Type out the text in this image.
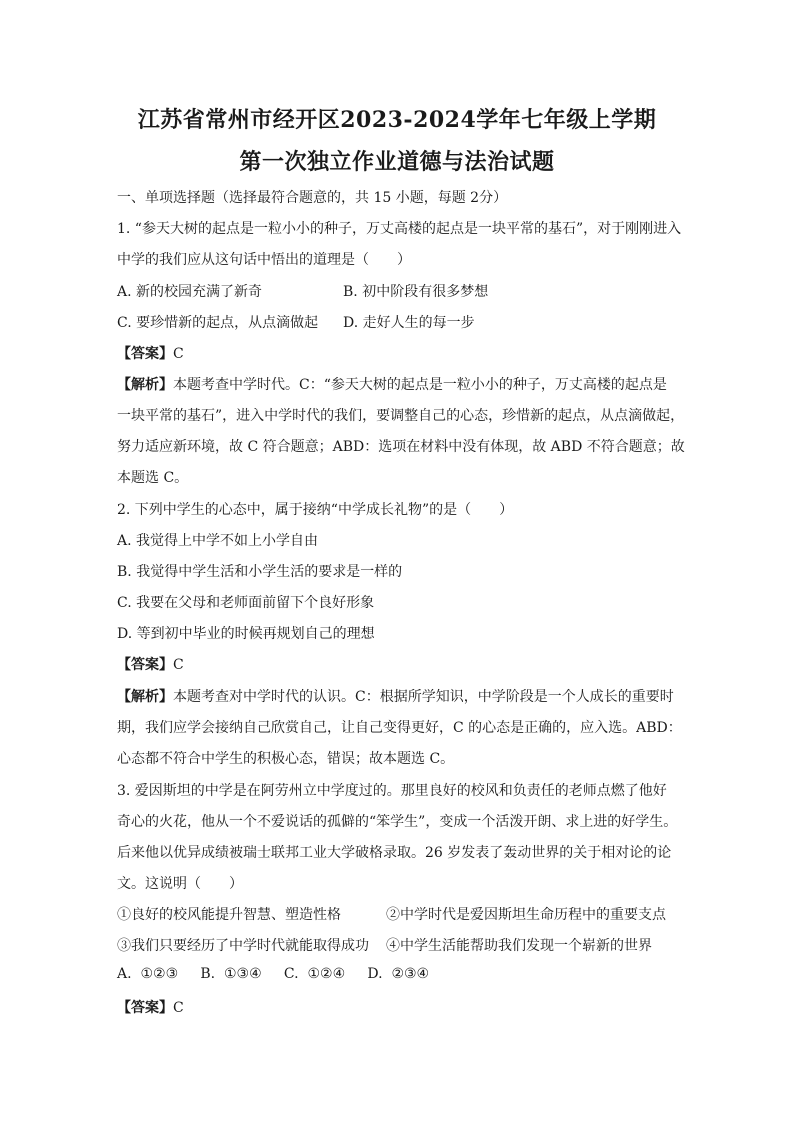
江苏省常州市经开区2023-2024学年七年级上学期
第一次独立作业道德与法治试题
一、单项选择题（选择最符合题意的，共 15 小题，每题 2分）
1. “参天大树的起点是一粒小小的种子，万丈高楼的起点是一块平常的基石”，对于刚刚进入
中学的我们应从这句话中悟出的道理是（　　）
A. 新的校园充满了新奇	B. 初中阶段有很多梦想
C. 要珍惜新的起点，从点滴做起 D. 走好人生的每一步
【答案】C
【解析】本题考查中学时代。C：“参天大树的起点是一粒小小的种子，万丈高楼的起点是
一块平常的基石”，进入中学时代的我们，要调整自己的心态，珍惜新的起点，从点滴做起，
努力适应新环境，故 C 符合题意；ABD：选项在材料中没有体现，故 ABD 不符合题意；故
本题选 C。
2. 下列中学生的心态中，属于接纳“中学成长礼物”的是（　　）
A. 我觉得上中学不如上小学自由
B. 我觉得中学生活和小学生活的要求是一样的
C. 我要在父母和老师面前留下个良好形象
D. 等到初中毕业的时候再规划自己的理想
【答案】C
【解析】本题考查对中学时代的认识。C：根据所学知识，中学阶段是一个人成长的重要时
期，我们应学会接纳自己欣赏自己，让自己变得更好，C 的心态是正确的，应入选。ABD：
心态都不符合中学生的积极心态，错误；故本题选 C。
3. 爱因斯坦的中学是在阿劳州立中学度过的。那里良好的校风和负责任的老师点燃了他好
奇心的火花，他从一个不爱说话的孤僻的“笨学生”，变成一个活泼开朗、求上进的好学生。
后来他以优异成绩被瑞士联邦工业大学破格录取。26 岁发表了轰动世界的关于相对论的论
文。这说明（　　）
①良好的校风能提升智慧、塑造性格	②中学时代是爱因斯坦生命历程中的重要支点
③我们只要经历了中学时代就能取得成功 ④中学生活能帮助我们发现一个崭新的世界
A.  ①②③     B.  ①③④     C.  ①②④     D.  ②③④
【答案】C
